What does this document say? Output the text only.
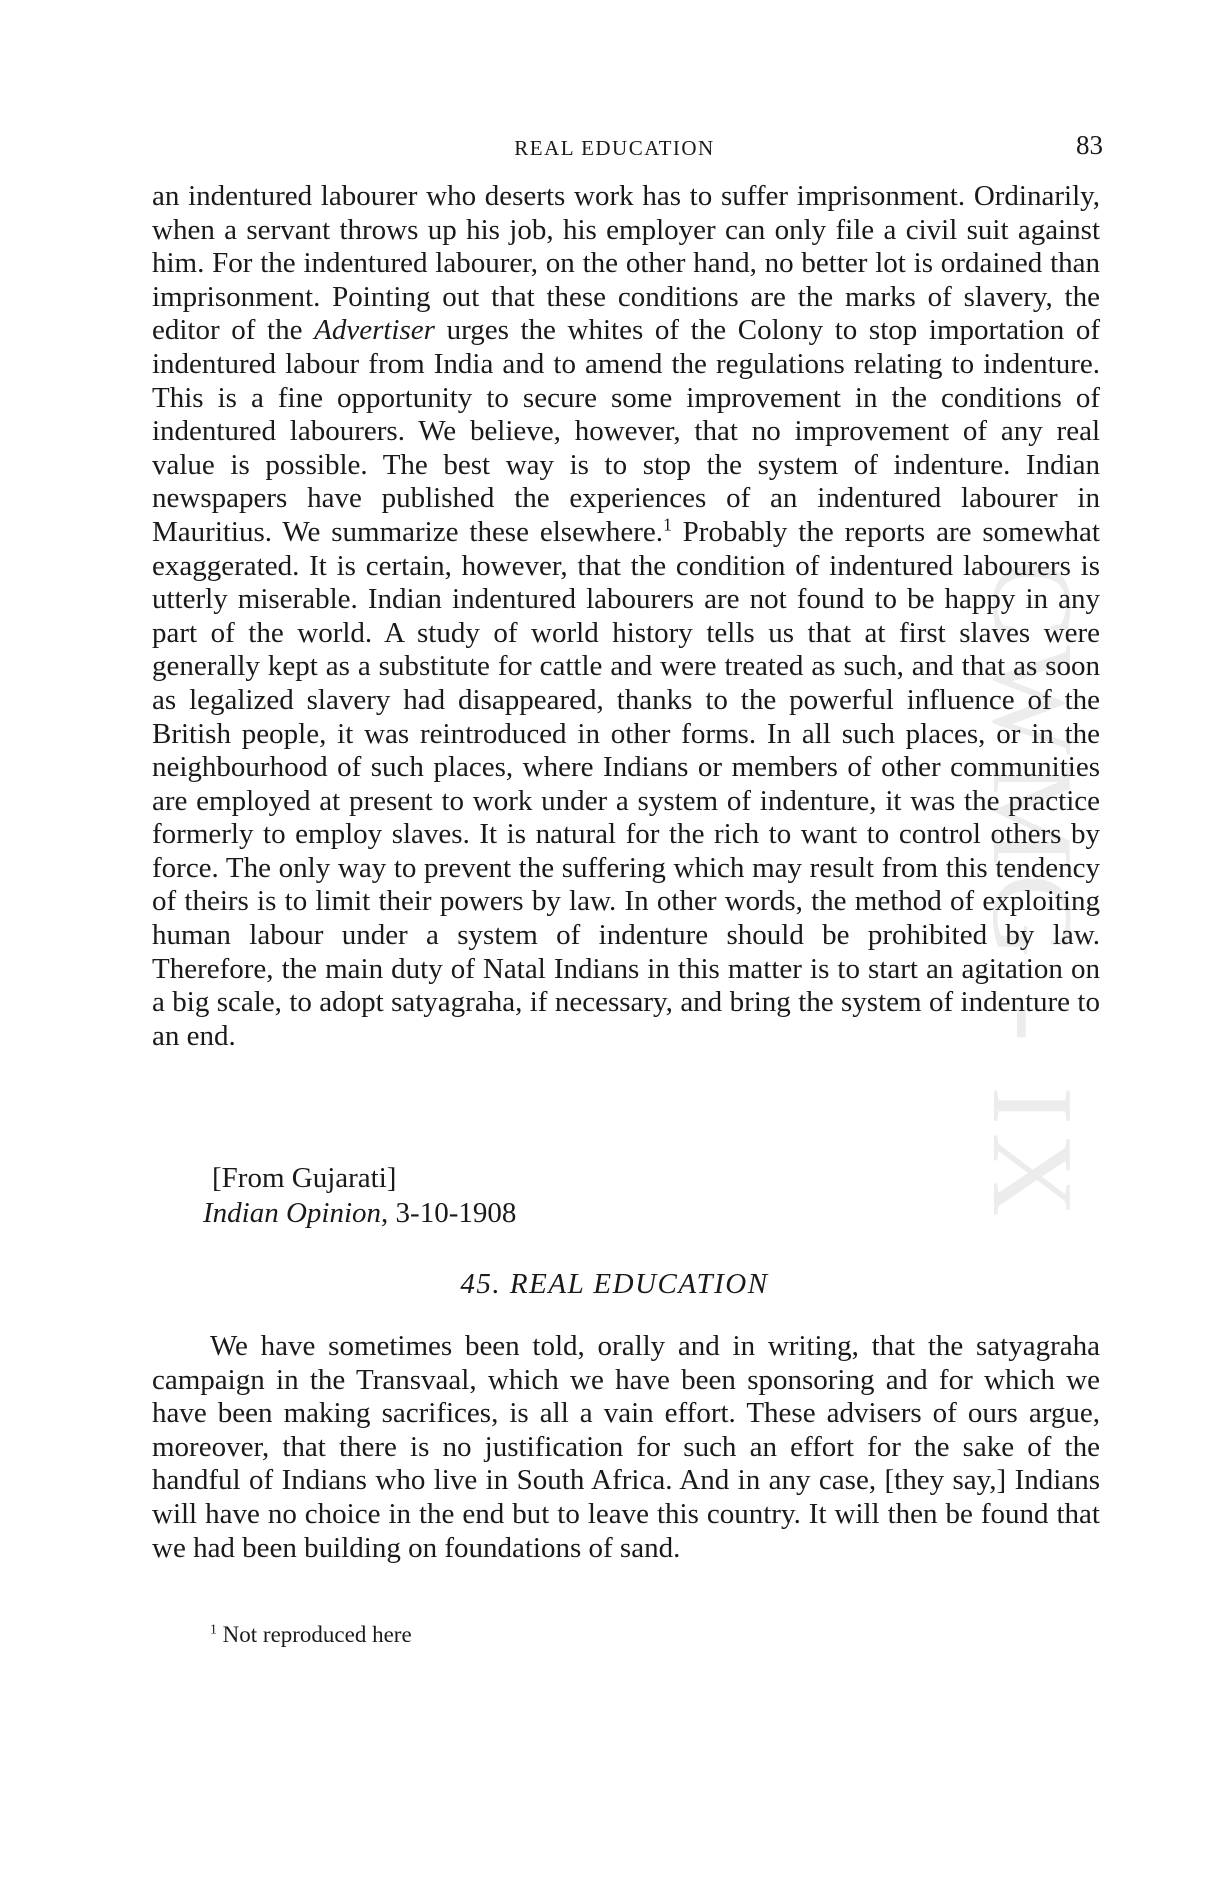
CWMG - IX
REAL EDUCATION	83

an indentured labourer who deserts work has to suffer imprisonment. Ordinarily, when a servant throws up his job, his employer can only file a civil suit against him. For the indentured labourer, on the other hand, no better lot is ordained than imprisonment. Pointing out that these conditions are the marks of slavery, the editor of the Advertiser urges the whites of the Colony to stop importation of indentured labour from India and to amend the regulations relating to indenture. This is a fine opportunity to secure some improvement in the conditions of indentured labourers. We believe, however, that no improvement of any real value is possible. The best way is to stop the system of indenture. Indian newspapers have published the experiences of an indentured labourer in Mauritius. We summarize these elsewhere.$^1$ Probably the reports are somewhat exaggerated. It is certain, however, that the condition of indentured labourers is utterly miserable. Indian indentured labourers are not found to be happy in any part of the world. A study of world history tells us that at first slaves were generally kept as a substitute for cattle and were treated as such, and that as soon as legalized slavery had disappeared, thanks to the powerful influence of the British people, it was reintroduced in other forms. In all such places, or in the neighbourhood of such places, where Indians or members of other communities are employed at present to work under a system of indenture, it was the practice formerly to employ slaves. It is natural for the rich to want to control others by force. The only way to prevent the suffering which may result from this tendency of theirs is to limit their powers by law. In other words, the method of exploiting human labour under a system of indenture should be prohibited by law. Therefore, the main duty of Natal Indians in this matter is to start an agitation on a big scale, to adopt satyagraha, if necessary, and bring the system of indenture to an end.

[From Gujarati]
Indian Opinion, 3-10-1908
45. REAL EDUCATION

We have sometimes been told, orally and in writing, that the satyagraha campaign in the Transvaal, which we have been sponsoring and for which we have been making sacrifices, is all a vain effort. These advisers of ours argue, moreover, that there is no justification for such an effort for the sake of the handful of Indians who live in South Africa. And in any case, [they say,] Indians will have no choice in the end but to leave this country. It will then be found that we had been building on foundations of sand.

$^1$ Not reproduced here
